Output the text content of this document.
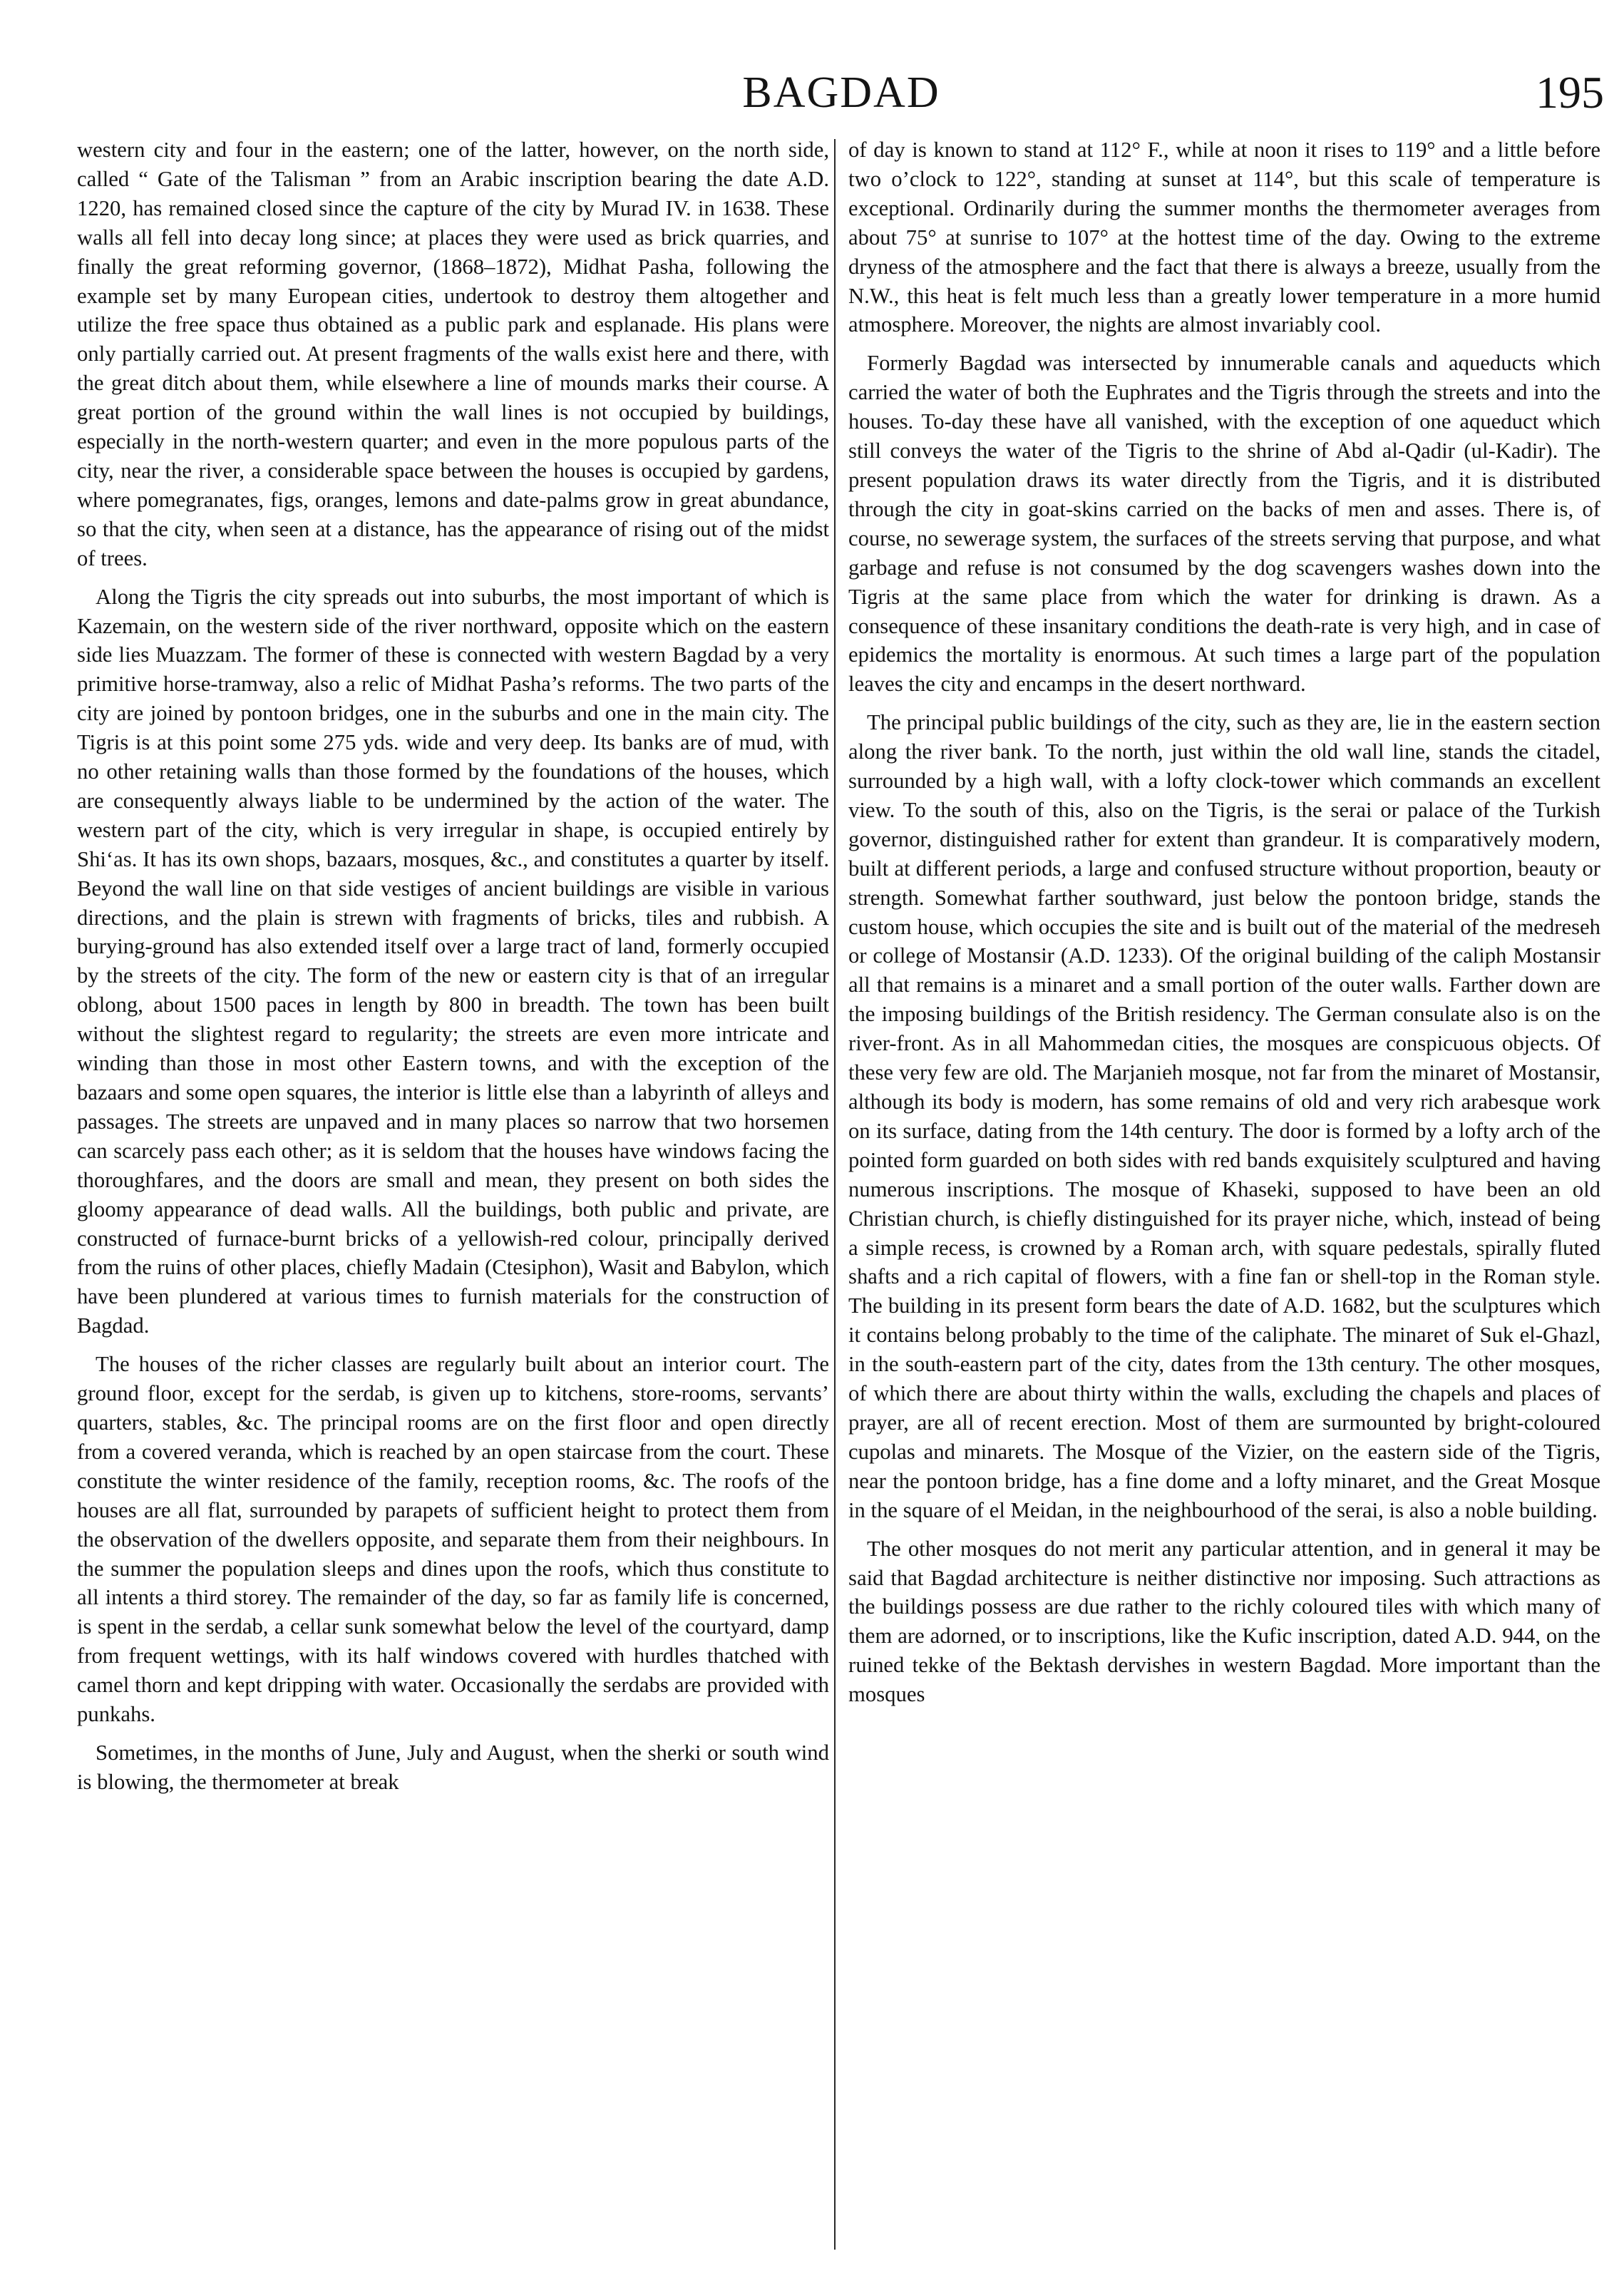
BAGDAD	195

western city and four in the eastern; one of the latter, however, on the north side, called “ Gate of the Talisman ” from an Arabic inscription bearing the date A.D. 1220, has remained closed since the capture of the city by Murad IV. in 1638. These walls all fell into decay long since; at places they were used as brick quarries, and finally the great reforming governor, (1868–1872), Midhat Pasha, following the example set by many European cities, undertook to destroy them altogether and utilize the free space thus obtained as a public park and esplanade. His plans were only partially carried out. At present fragments of the walls exist here and there, with the great ditch about them, while elsewhere a line of mounds marks their course. A great portion of the ground within the wall lines is not occupied by buildings, especially in the north-western quarter; and even in the more populous parts of the city, near the river, a considerable space between the houses is occupied by gardens, where pomegranates, figs, oranges, lemons and date-palms grow in great abundance, so that the city, when seen at a distance, has the appearance of rising out of the midst of trees.

Along the Tigris the city spreads out into suburbs, the most important of which is Kazemain, on the western side of the river northward, opposite which on the eastern side lies Muazzam. The former of these is connected with western Bagdad by a very primitive horse-tramway, also a relic of Midhat Pasha’s reforms. The two parts of the city are joined by pontoon bridges, one in the suburbs and one in the main city. The Tigris is at this point some 275 yds. wide and very deep. Its banks are of mud, with no other retaining walls than those formed by the foundations of the houses, which are consequently always liable to be undermined by the action of the water. The western part of the city, which is very irregular in shape, is occupied entirely by Shi‘as. It has its own shops, bazaars, mosques, &c., and constitutes a quarter by itself. Beyond the wall line on that side vestiges of ancient buildings are visible in various directions, and the plain is strewn with fragments of bricks, tiles and rubbish. A burying-ground has also extended itself over a large tract of land, formerly occupied by the streets of the city. The form of the new or eastern city is that of an irregular oblong, about 1500 paces in length by 800 in breadth. The town has been built without the slightest regard to regularity; the streets are even more intricate and winding than those in most other Eastern towns, and with the exception of the bazaars and some open squares, the interior is little else than a labyrinth of alleys and passages. The streets are unpaved and in many places so narrow that two horsemen can scarcely pass each other; as it is seldom that the houses have windows facing the thoroughfares, and the doors are small and mean, they present on both sides the gloomy appearance of dead walls. All the buildings, both public and private, are constructed of furnace-burnt bricks of a yellowish-red colour, principally derived from the ruins of other places, chiefly Madain (Ctesiphon), Wasit and Babylon, which have been plundered at various times to furnish materials for the construction of Bagdad.

The houses of the richer classes are regularly built about an interior court. The ground floor, except for the serdab, is given up to kitchens, store-rooms, servants’ quarters, stables, &c. The principal rooms are on the first floor and open directly from a covered veranda, which is reached by an open staircase from the court. These constitute the winter residence of the family, reception rooms, &c. The roofs of the houses are all flat, surrounded by parapets of sufficient height to protect them from the observation of the dwellers opposite, and separate them from their neighbours. In the summer the population sleeps and dines upon the roofs, which thus constitute to all intents a third storey. The remainder of the day, so far as family life is concerned, is spent in the serdab, a cellar sunk somewhat below the level of the courtyard, damp from frequent wettings, with its half windows covered with hurdles thatched with camel thorn and kept dripping with water. Occasionally the serdabs are provided with punkahs.

Sometimes, in the months of June, July and August, when the sherki or south wind is blowing, the thermometer at break

of day is known to stand at 112° F., while at noon it rises to 119° and a little before two o’clock to 122°, standing at sunset at 114°, but this scale of temperature is exceptional. Ordinarily during the summer months the thermometer averages from about 75° at sunrise to 107° at the hottest time of the day. Owing to the extreme dryness of the atmosphere and the fact that there is always a breeze, usually from the N.W., this heat is felt much less than a greatly lower temperature in a more humid atmosphere. Moreover, the nights are almost invariably cool.

Formerly Bagdad was intersected by innumerable canals and aqueducts which carried the water of both the Euphrates and the Tigris through the streets and into the houses. To-day these have all vanished, with the exception of one aqueduct which still conveys the water of the Tigris to the shrine of Abd al-Qadir (ul-Kadir). The present population draws its water directly from the Tigris, and it is distributed through the city in goat-skins carried on the backs of men and asses. There is, of course, no sewerage system, the surfaces of the streets serving that purpose, and what garbage and refuse is not consumed by the dog scavengers washes down into the Tigris at the same place from which the water for drinking is drawn. As a consequence of these insanitary conditions the death-rate is very high, and in case of epidemics the mortality is enormous. At such times a large part of the population leaves the city and encamps in the desert northward.

The principal public buildings of the city, such as they are, lie in the eastern section along the river bank. To the north, just within the old wall line, stands the citadel, surrounded by a high wall, with a lofty clock-tower which commands an excellent view. To the south of this, also on the Tigris, is the serai or palace of the Turkish governor, distinguished rather for extent than grandeur. It is comparatively modern, built at different periods, a large and confused structure without proportion, beauty or strength. Somewhat farther southward, just below the pontoon bridge, stands the custom house, which occupies the site and is built out of the material of the medreseh or college of Mostansir (A.D. 1233). Of the original building of the caliph Mostansir all that remains is a minaret and a small portion of the outer walls. Farther down are the imposing buildings of the British residency. The German consulate also is on the river-front. As in all Mahommedan cities, the mosques are conspicuous objects. Of these very few are old. The Marjanieh mosque, not far from the minaret of Mostansir, although its body is modern, has some remains of old and very rich arabesque work on its surface, dating from the 14th century. The door is formed by a lofty arch of the pointed form guarded on both sides with red bands exquisitely sculptured and having numerous inscriptions. The mosque of Khaseki, supposed to have been an old Christian church, is chiefly distinguished for its prayer niche, which, instead of being a simple recess, is crowned by a Roman arch, with square pedestals, spirally fluted shafts and a rich capital of flowers, with a fine fan or shell-top in the Roman style. The building in its present form bears the date of A.D. 1682, but the sculptures which it contains belong probably to the time of the caliphate. The minaret of Suk el-Ghazl, in the south-eastern part of the city, dates from the 13th century. The other mosques, of which there are about thirty within the walls, excluding the chapels and places of prayer, are all of recent erection. Most of them are surmounted by bright-coloured cupolas and minarets. The Mosque of the Vizier, on the eastern side of the Tigris, near the pontoon bridge, has a fine dome and a lofty minaret, and the Great Mosque in the square of el Meidan, in the neighbourhood of the serai, is also a noble building.

The other mosques do not merit any particular attention, and in general it may be said that Bagdad architecture is neither distinctive nor imposing. Such attractions as the buildings possess are due rather to the richly coloured tiles with which many of them are adorned, or to inscriptions, like the Kufic inscription, dated A.D. 944, on the ruined tekke of the Bektash dervishes in western Bagdad. More important than the mosques
